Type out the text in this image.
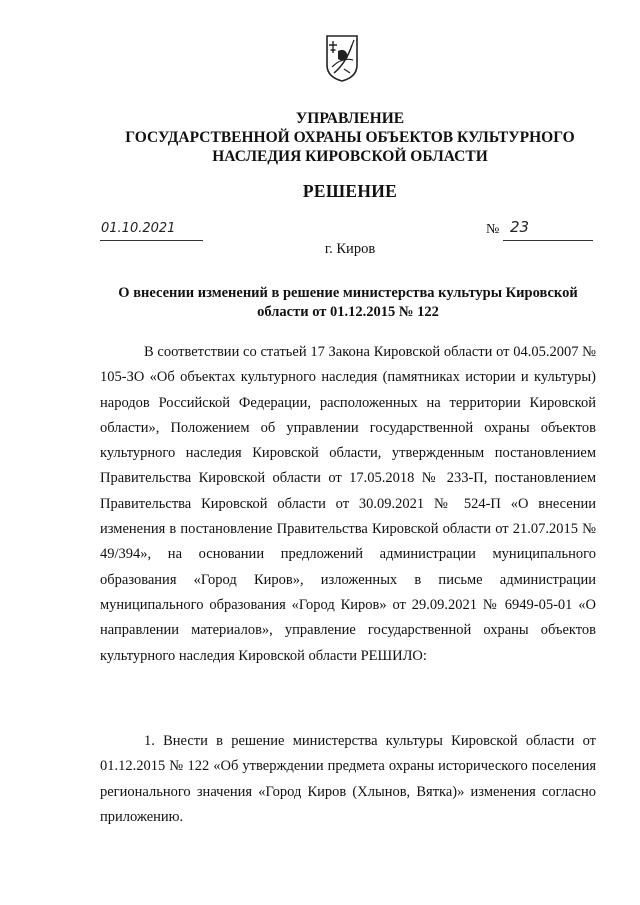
УПРАВЛЕНИЕ
ГОСУДАРСТВЕННОЙ ОХРАНЫ ОБЪЕКТОВ КУЛЬТУРНОГО
НАСЛЕДИЯ КИРОВСКОЙ ОБЛАСТИ
РЕШЕНИЕ
01.10.2021	№ 23
г. Киров
О внесении изменений в решение министерства культуры Кировской
области от 01.12.2015 № 122

В соответствии со статьей 17 Закона Кировской области от 04.05.2007 № 105-ЗО «Об объектах культурного наследия (памятниках истории и культуры) народов Российской Федерации, расположенных на территории Кировской области», Положением об управлении государственной охраны объектов культурного наследия Кировской области, утвержденным постановлением Правительства Кировской области от 17.05.2018 № 233-П, постановлением Правительства Кировской области от 30.09.2021 № 524-П «О внесении изменения в постановление Правительства Кировской области от 21.07.2015 № 49/394», на основании предложений администрации муниципального образования «Город Киров», изложенных в письме администрации муниципального образования «Город Киров» от 29.09.2021 № 6949-05-01 «О направлении материалов», управление государственной охраны объектов культурного наследия Кировской области РЕШИЛО:

1. Внести в решение министерства культуры Кировской области от 01.12.2015 № 122 «Об утверждении предмета охраны исторического поселения регионального значения «Город Киров (Хлынов, Вятка)» изменения согласно приложению.
